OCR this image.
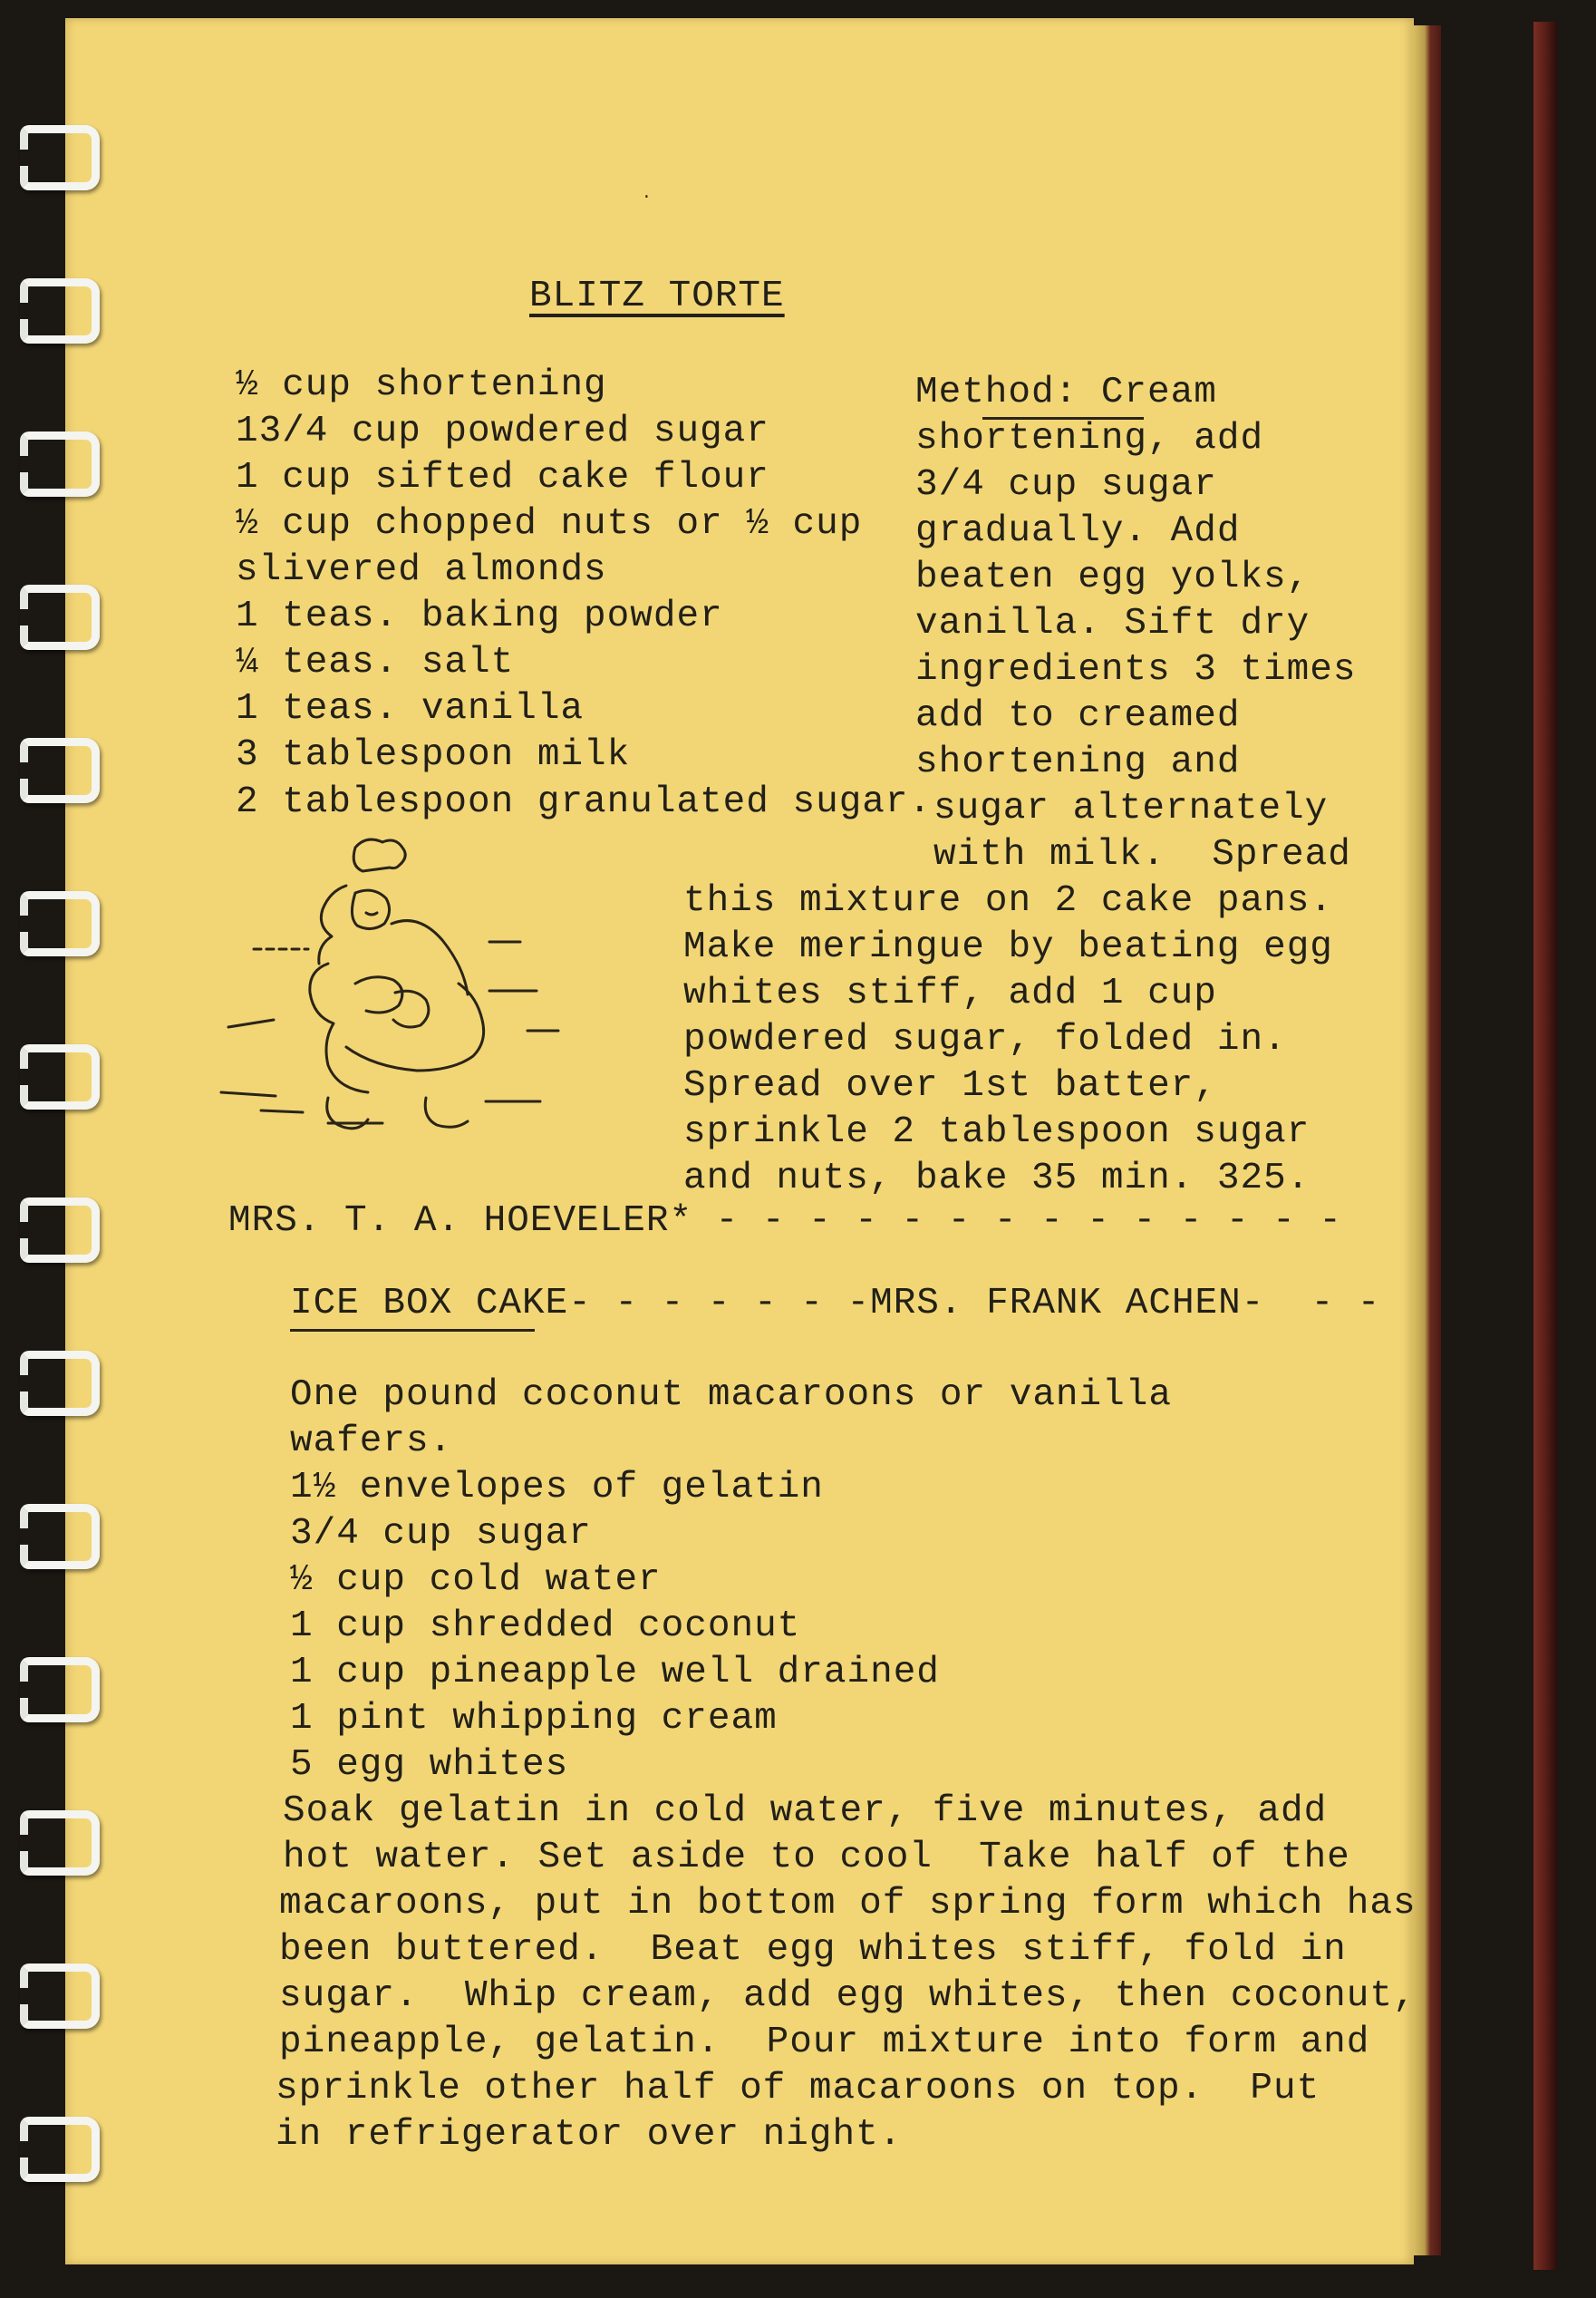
·
BLITZ TORTE
½ cup shortening
13/4 cup powdered sugar
1 cup sifted cake flour
½ cup chopped nuts or ½ cup
slivered almonds
1 teas. baking powder
¼ teas. salt
1 teas. vanilla
3 tablespoon milk
2 tablespoon granulated sugar.
Method: Cream
shortening, add
3/4 cup sugar
gradually. Add
beaten egg yolks,
vanilla. Sift dry
ingredients 3 times
add to creamed
shortening and
sugar alternately
with milk.  Spread
this mixture on 2 cake pans.
Make meringue by beating egg
whites stiff, add 1 cup
powdered sugar, folded in.
Spread over 1st batter,
sprinkle 2 tablespoon sugar
and nuts, bake 35 min. 325.
MRS. T. A. HOEVELER* - - - - - - - - - - - - - -
ICE BOX CAKE- - - - - - -MRS. FRANK ACHEN-  - -
One pound coconut macaroons or vanilla
wafers.
1½ envelopes of gelatin
3/4 cup sugar
½ cup cold water
1 cup shredded coconut
1 cup pineapple well drained
1 pint whipping cream
5 egg whites
Soak gelatin in cold water, five minutes, add
hot water. Set aside to cool  Take half of the
macaroons, put in bottom of spring form which has
been buttered.  Beat egg whites stiff, fold in
sugar.  Whip cream, add egg whites, then coconut,
pineapple, gelatin.  Pour mixture into form and
sprinkle other half of macaroons on top.  Put
in refrigerator over night.
